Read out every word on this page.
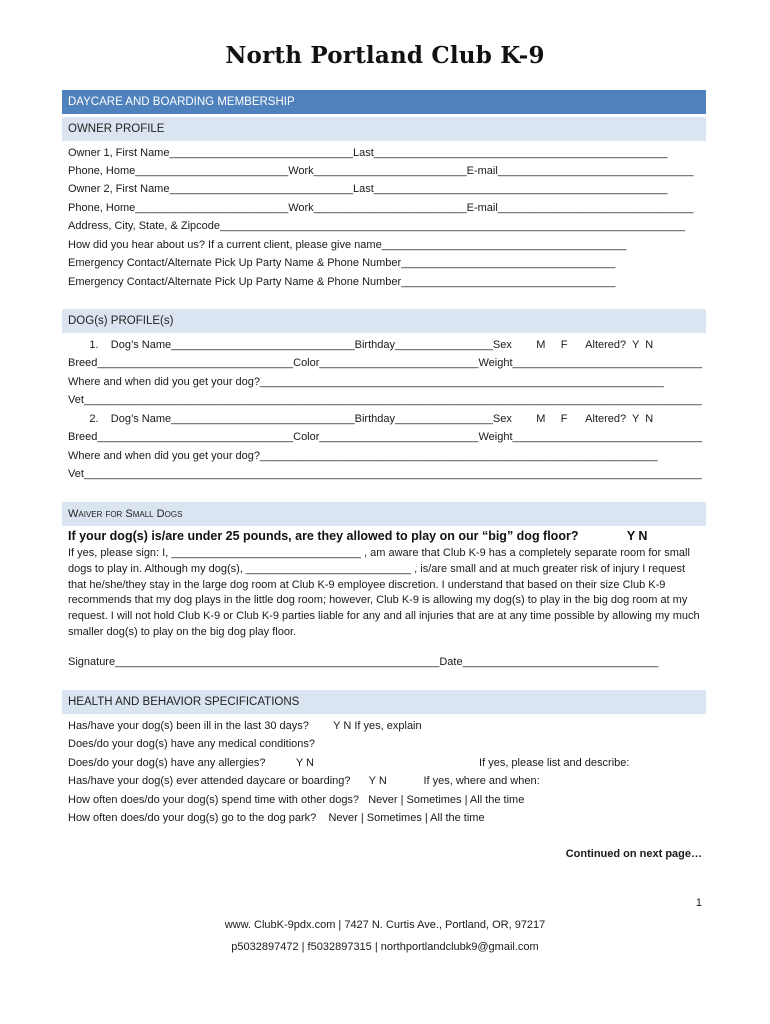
North Portland Club K-9
DAYCARE AND BOARDING MEMBERSHIP
OWNER PROFILE
Owner 1, First Name______________________________Last________________________________________________
Phone, Home_________________________Work_________________________E-mail________________________________
Owner 2, First Name______________________________Last________________________________________________
Phone, Home_________________________Work_________________________E-mail________________________________
Address, City, State, & Zipcode____________________________________________________________________________
How did you hear about us? If a current client, please give name________________________________________
Emergency Contact/Alternate Pick Up Party Name & Phone Number___________________________________
Emergency Contact/Alternate Pick Up Party Name & Phone Number___________________________________
DOG(s) PROFILE(s)
1.    Dog’s Name______________________________Birthday________________Sex        M     F      Altered?  Y  N
Breed________________________________Color__________________________Weight_______________________________
Where and when did you get your dog?__________________________________________________________________
Vet_____________________________________________________________________________________________________
2.    Dog’s Name______________________________Birthday________________Sex        M     F      Altered?  Y  N
Breed________________________________Color__________________________Weight_______________________________
Where and when did you get your dog?_________________________________________________________________
Vet_____________________________________________________________________________________________________
Waiver for Small Dogs
If your dog(s) is/are under 25 pounds, are they allowed to play on our “big” dog floor?              Y N
If yes, please sign: I, _______________________________ , am aware that Club K-9 has a completely separate room for small dogs to play in. Although my dog(s), ___________________________ , is/are small and at much greater risk of injury I request that he/she/they stay in the large dog room at Club K-9 employee discretion. I understand that based on their size Club K-9 recommends that my dog plays in the little dog room; however, Club K-9 is allowing my dog(s) to play in the big dog room at my request. I will not hold Club K-9 or Club K-9 parties liable for any and all injuries that are at any time possible by allowing my much smaller dog(s) to play on the big dog play floor.
Signature_____________________________________________________Date________________________________
HEALTH AND BEHAVIOR SPECIFICATIONS
Has/have your dog(s) been ill in the last 30 days?        Y N If yes, explain
Does/do your dog(s) have any medical conditions?
Does/do your dog(s) have any allergies?          Y N                                                      If yes, please list and describe:
Has/have your dog(s) ever attended daycare or boarding?      Y N            If yes, where and when:
How often does/do your dog(s) spend time with other dogs?   Never | Sometimes | All the time
How often does/do your dog(s) go to the dog park?    Never | Sometimes | All the time
Continued on next page…
1
www. ClubK-9pdx.com | 7427 N. Curtis Ave., Portland, OR, 97217
p5032897472 | f5032897315 | northportlandclubk9@gmail.com
